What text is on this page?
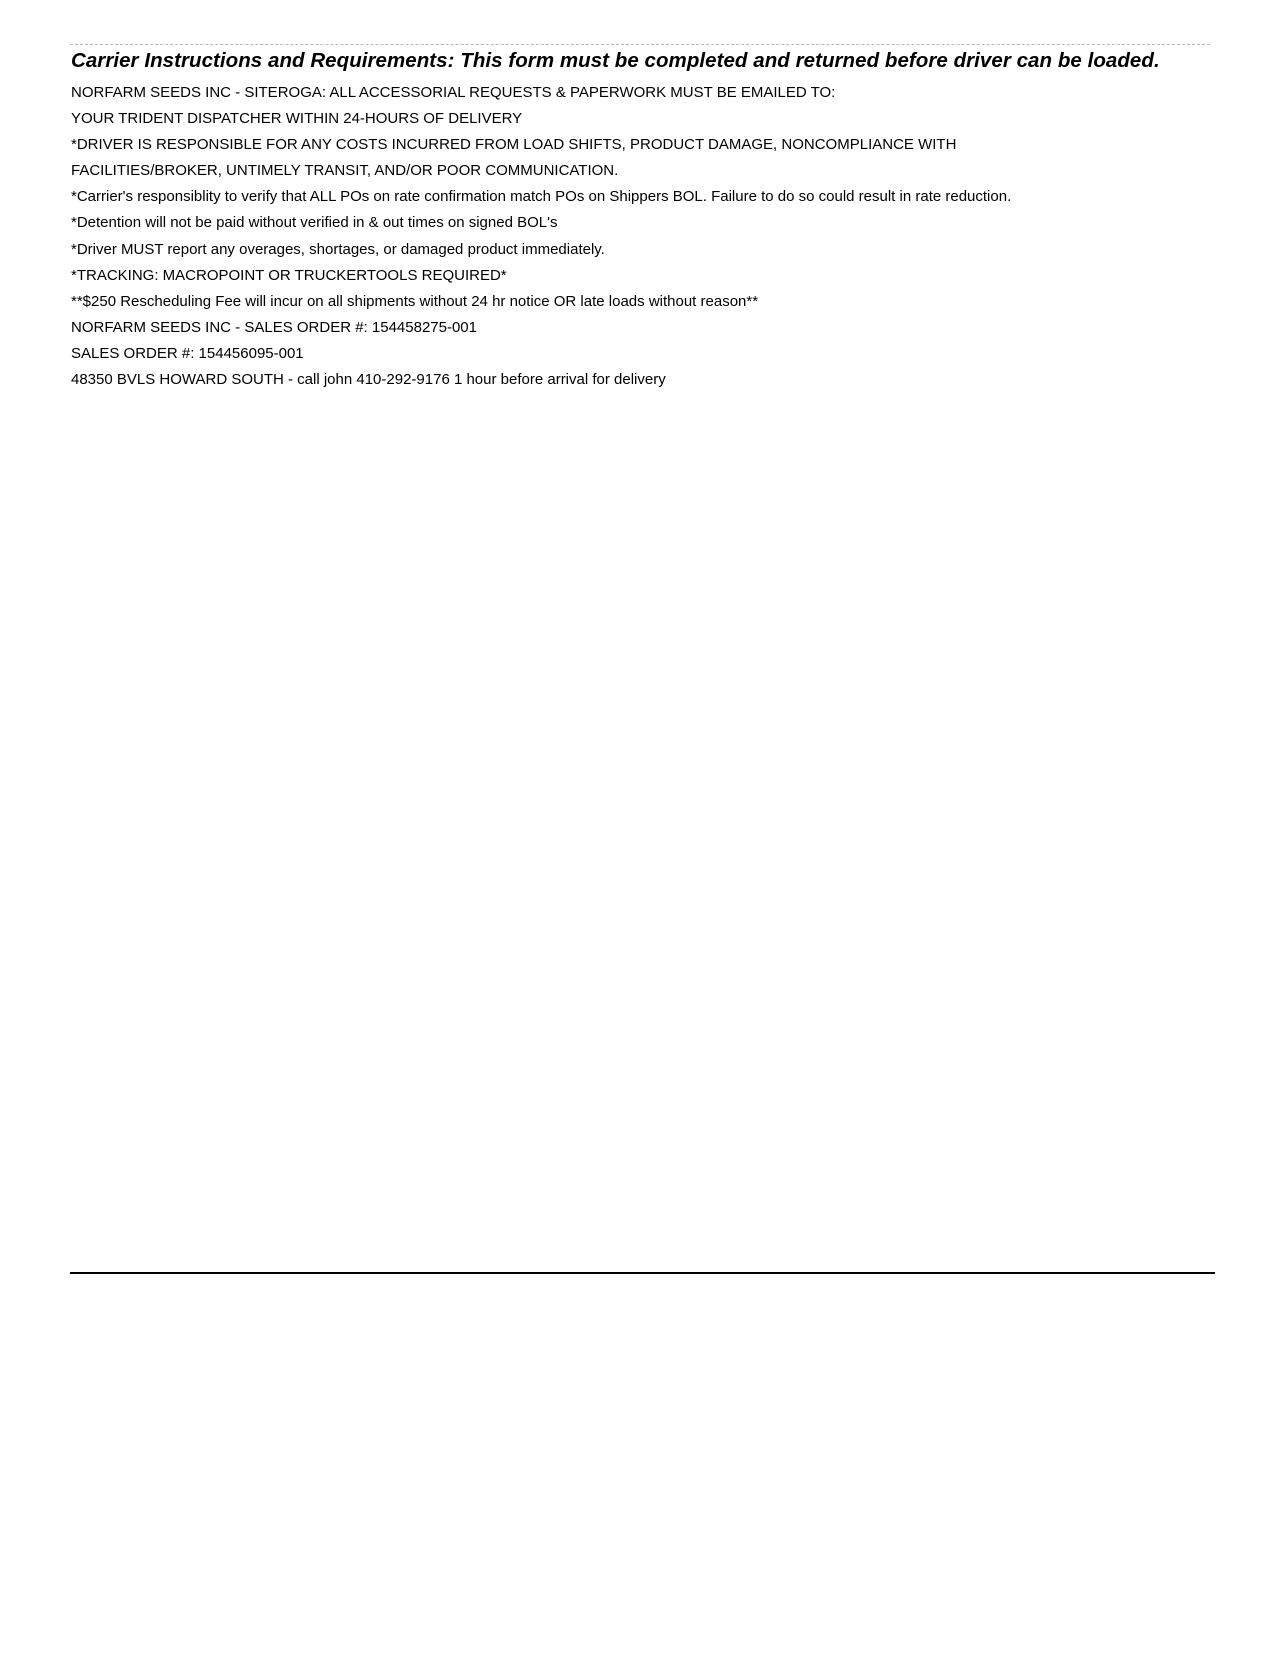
Carrier Instructions and Requirements: This form must be completed and returned before driver can be loaded.
NORFARM SEEDS INC - SITEROGA: ALL ACCESSORIAL REQUESTS & PAPERWORK MUST BE EMAILED TO:
YOUR TRIDENT DISPATCHER WITHIN 24-HOURS OF DELIVERY
*DRIVER IS RESPONSIBLE FOR ANY COSTS INCURRED FROM LOAD SHIFTS, PRODUCT DAMAGE, NONCOMPLIANCE WITH
FACILITIES/BROKER, UNTIMELY TRANSIT, AND/OR POOR COMMUNICATION.
*Carrier's responsiblity to verify that ALL POs on rate confirmation match POs on Shippers BOL. Failure to do so could result in rate reduction.
*Detention will not be paid without verified in & out times on signed BOL's
*Driver MUST report any overages, shortages, or damaged product immediately.
*TRACKING: MACROPOINT OR TRUCKERTOOLS REQUIRED*
**$250 Rescheduling Fee will incur on all shipments without 24 hr notice OR late loads without reason**
NORFARM SEEDS INC - SALES ORDER #: 154458275-001
SALES ORDER #: 154456095-001
48350 BVLS HOWARD SOUTH - call john 410-292-9176 1 hour before arrival for delivery
